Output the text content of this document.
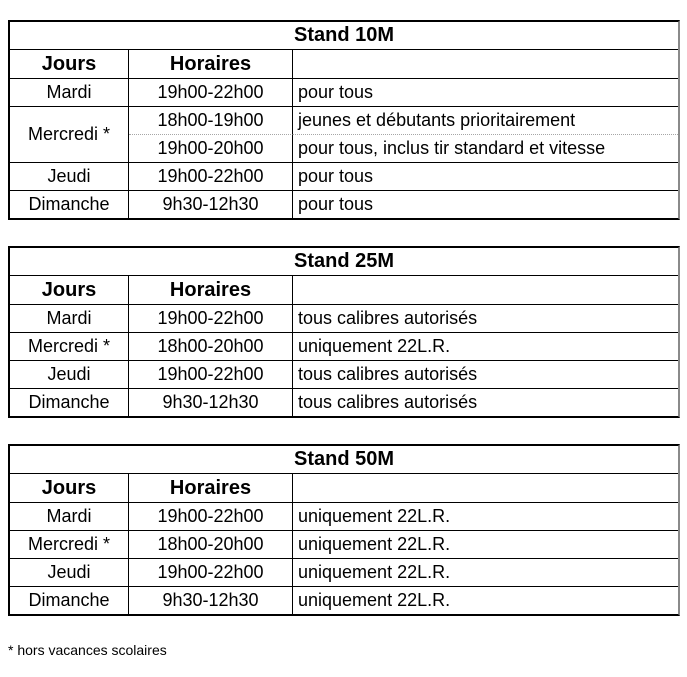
Stand 10M		
Jours	Horaires	
Mardi	19h00-22h00	pour tous
Mercredi *	18h00-19h00	jeunes et débutants prioritairement
	19h00-20h00	pour tous, inclus tir standard et vitesse
Jeudi	19h00-22h00	pour tous
Dimanche	9h30-12h30	pour tous
Stand 25M		
Jours	Horaires	
Mardi	19h00-22h00	tous calibres autorisés
Mercredi *	18h00-20h00	uniquement 22L.R.
Jeudi	19h00-22h00	tous calibres autorisés
Dimanche	9h30-12h30	tous calibres autorisés
Stand 50M		
Jours	Horaires	
Mardi	19h00-22h00	uniquement 22L.R.
Mercredi *	18h00-20h00	uniquement 22L.R.
Jeudi	19h00-22h00	uniquement 22L.R.
Dimanche	9h30-12h30	uniquement 22L.R.
* hors vacances scolaires
